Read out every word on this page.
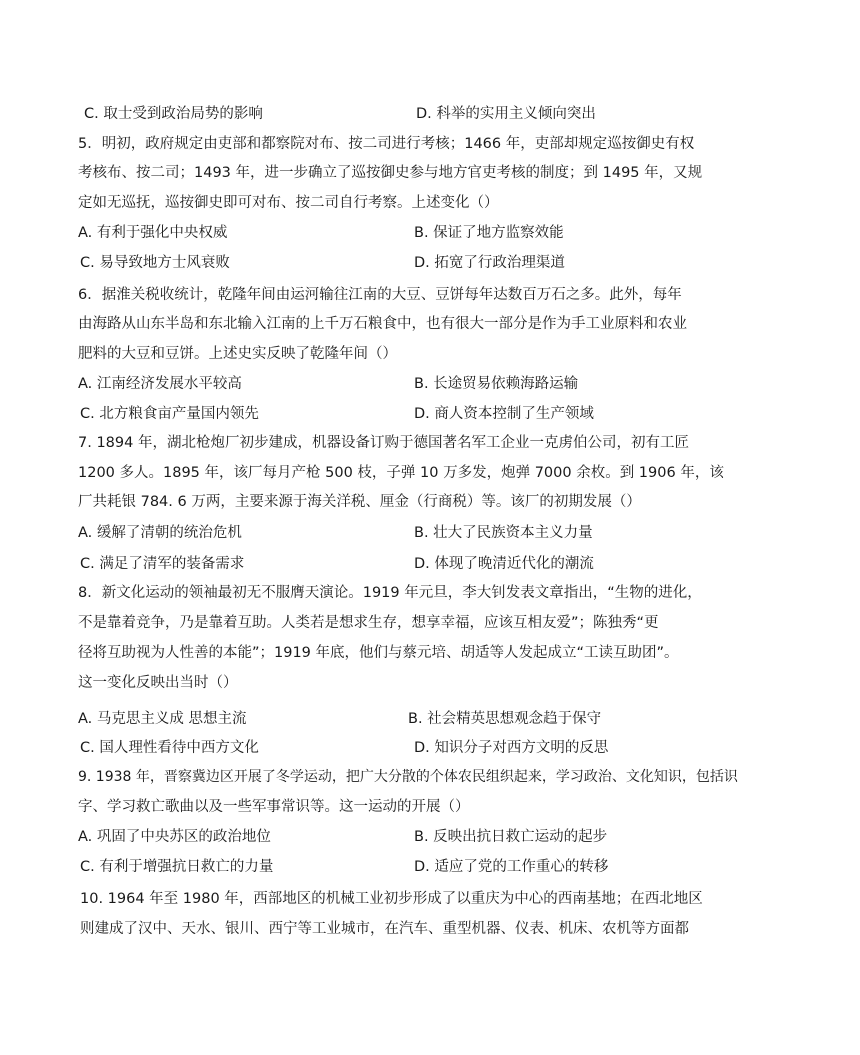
C. 取士受到政治局势的影响	D. 科举的实用主义倾向突出
5．明初，政府规定由吏部和都察院对布、按二司进行考核；1466 年，吏部却规定巡按御史有权
考核布、按二司；1493 年，进一步确立了巡按御史参与地方官吏考核的制度；到 1495 年，又规
定如无巡抚，巡按御史即可对布、按二司自行考察。上述变化（）
A. 有利于强化中央权威	B. 保证了地方监察效能
C. 易导致地方士风衰败	D. 拓宽了行政治理渠道
6．据淮关税收统计，乾隆年间由运河输往江南的大豆、豆饼每年达数百万石之多。此外，每年
由海路从山东半岛和东北输入江南的上千万石粮食中，也有很大一部分是作为手工业原料和农业
肥料的大豆和豆饼。上述史实反映了乾隆年间（）
A. 江南经济发展水平较高	B. 长途贸易依赖海路运输
C. 北方粮食亩产量国内领先	D. 商人资本控制了生产领域
7. 1894 年，湖北枪炮厂初步建成，机器设备订购于德国著名军工企业一克虏伯公司，初有工匠
1200 多人。1895 年，该厂每月产枪 500 枝，子弹 10 万多发，炮弹 7000 余枚。到 1906 年，该
厂共耗银 784. 6 万两，主要来源于海关洋税、厘金（行商税）等。该厂的初期发展（）
A. 缓解了清朝的统治危机	B. 壮大了民族资本主义力量
C. 满足了清军的装备需求	D. 体现了晚清近代化的潮流
8．新文化运动的领袖最初无不服膺天演论。1919 年元旦，李大钊发表文章指出，“生物的进化，
不是靠着竞争，乃是靠着互助。人类若是想求生存，想享幸福，应该互相友爱”；陈独秀“更
径将互助视为人性善的本能”；1919 年底，他们与蔡元培、胡适等人发起成立“工读互助团”。
这一变化反映出当时（）
A. 马克思主义成 思想主流	B. 社会精英思想观念趋于保守
C. 国人理性看待中西方文化	D. 知识分子对西方文明的反思
9. 1938 年，晋察冀边区开展了冬学运动，把广大分散的个体农民组织起来，学习政治、文化知识，包括识
字、学习救亡歌曲以及一些军事常识等。这一运动的开展（）
A. 巩固了中央苏区的政治地位	B. 反映出抗日救亡运动的起步
C. 有利于增强抗日救亡的力量	D. 适应了党的工作重心的转移
10. 1964 年至 1980 年，西部地区的机械工业初步形成了以重庆为中心的西南基地；在西北地区
则建成了汉中、天水、银川、西宁等工业城市，在汽车、重型机器、仪表、机床、农机等方面都
